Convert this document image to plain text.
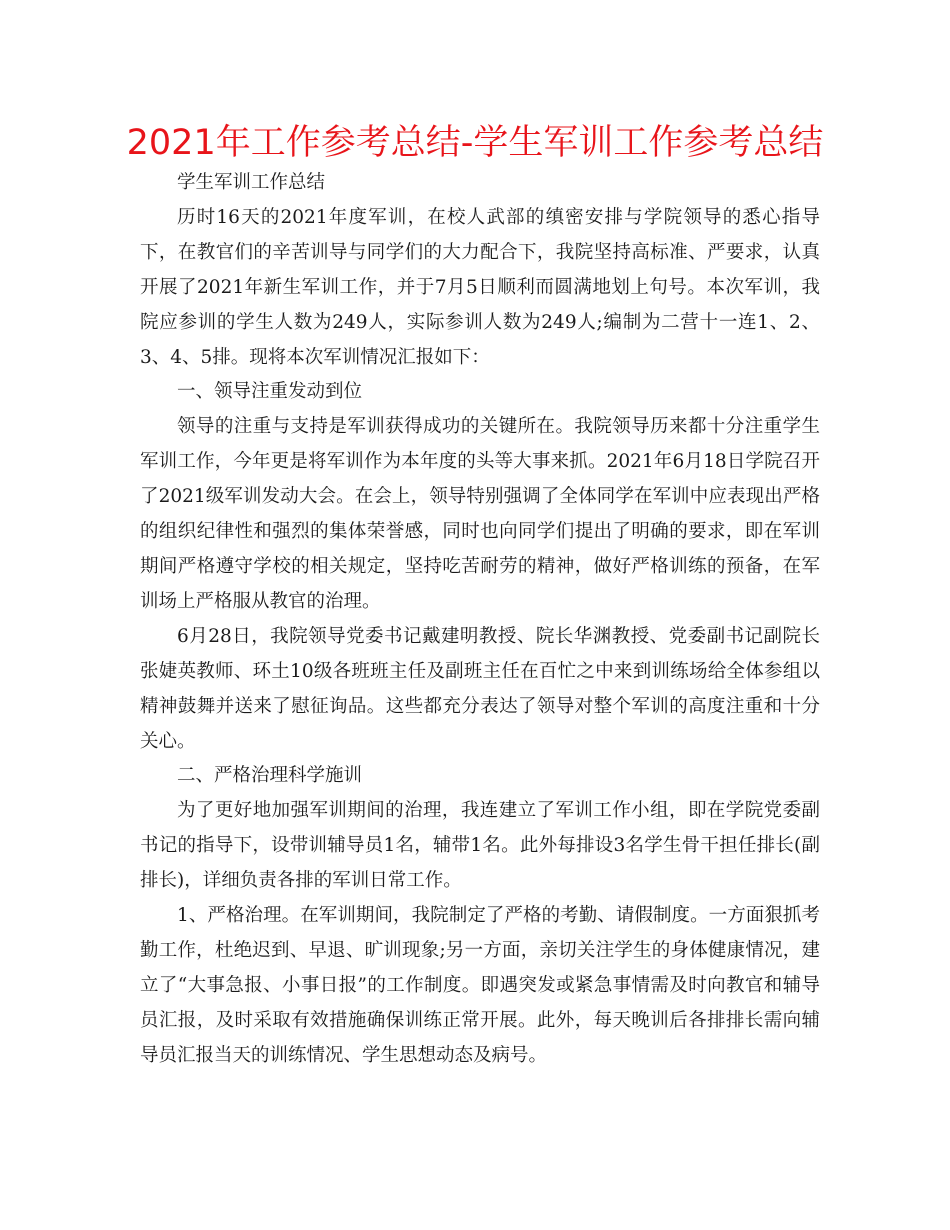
2021年工作参考总结-学生军训工作参考总结

学生军训工作总结

历时16天的2021年度军训，在校人武部的缜密安排与学院领导的悉心指导下，在教官们的辛苦训导与同学们的大力配合下，我院坚持高标准、严要求，认真开展了2021年新生军训工作，并于7月5日顺利而圆满地划上句号。本次军训，我院应参训的学生人数为249人，实际参训人数为249人;编制为二营十一连1、2、3、4、5排。现将本次军训情况汇报如下：

一、领导注重发动到位

领导的注重与支持是军训获得成功的关键所在。我院领导历来都十分注重学生军训工作，今年更是将军训作为本年度的头等大事来抓。2021年6月18日学院召开了2021级军训发动大会。在会上，领导特别强调了全体同学在军训中应表现出严格的组织纪律性和强烈的集体荣誉感，同时也向同学们提出了明确的要求，即在军训期间严格遵守学校的相关规定，坚持吃苦耐劳的精神，做好严格训练的预备，在军训场上严格服从教官的治理。

6月28日，我院领导党委书记戴建明教授、院长华渊教授、党委副书记副院长张婕英教师、环土10级各班班主任及副班主任在百忙之中来到训练场给全体参组以精神鼓舞并送来了慰征询品。这些都充分表达了领导对整个军训的高度注重和十分关心。

二、严格治理科学施训

为了更好地加强军训期间的治理，我连建立了军训工作小组，即在学院党委副书记的指导下，设带训辅导员1名，辅带1名。此外每排设3名学生骨干担任排长(副排长)，详细负责各排的军训日常工作。

1、严格治理。在军训期间，我院制定了严格的考勤、请假制度。一方面狠抓考勤工作，杜绝迟到、早退、旷训现象;另一方面，亲切关注学生的身体健康情况，建立了“大事急报、小事日报”的工作制度。即遇突发或紧急事情需及时向教官和辅导员汇报，及时采取有效措施确保训练正常开展。此外，每天晚训后各排排长需向辅导员汇报当天的训练情况、学生思想动态及病号。
